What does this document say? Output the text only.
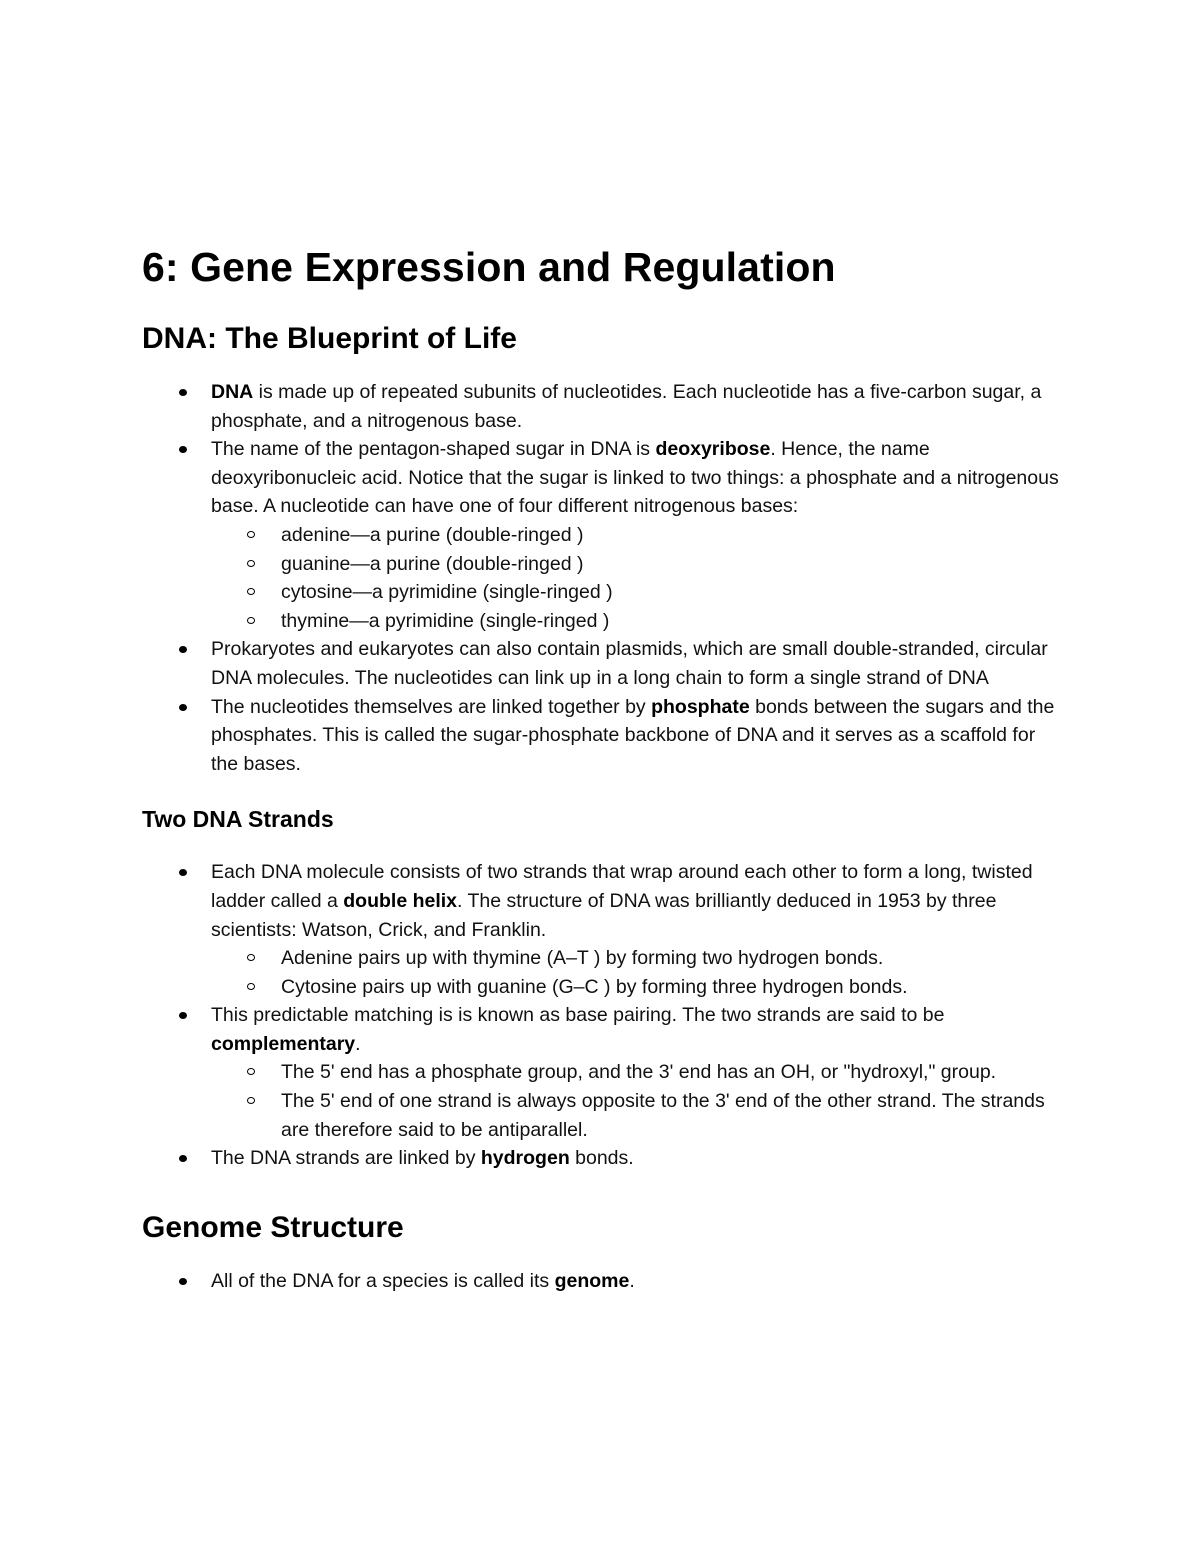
6: Gene Expression and Regulation
DNA: The Blueprint of Life
DNA is made up of repeated subunits of nucleotides. Each nucleotide has a five-carbon sugar, a phosphate, and a nitrogenous base.
The name of the pentagon-shaped sugar in DNA is deoxyribose. Hence, the name deoxyribonucleic acid. Notice that the sugar is linked to two things: a phosphate and a nitrogenous base. A nucleotide can have one of four different nitrogenous bases:
adenine—a purine (double-ringed )
guanine—a purine (double-ringed )
cytosine—a pyrimidine (single-ringed )
thymine—a pyrimidine (single-ringed )
Prokaryotes and eukaryotes can also contain plasmids, which are small double-stranded, circular DNA molecules. The nucleotides can link up in a long chain to form a single strand of DNA
The nucleotides themselves are linked together by phosphate bonds between the sugars and the phosphates. This is called the sugar-phosphate backbone of DNA and it serves as a scaffold for the bases.
Two DNA Strands
Each DNA molecule consists of two strands that wrap around each other to form a long, twisted ladder called a double helix. The structure of DNA was brilliantly deduced in 1953 by three scientists: Watson, Crick, and Franklin.
Adenine pairs up with thymine (A–T ) by forming two hydrogen bonds.
Cytosine pairs up with guanine (G–C ) by forming three hydrogen bonds.
This predictable matching is is known as base pairing. The two strands are said to be complementary.
The 5' end has a phosphate group, and the 3' end has an OH, or "hydroxyl," group.
The 5' end of one strand is always opposite to the 3' end of the other strand. The strands are therefore said to be antiparallel.
The DNA strands are linked by hydrogen bonds.
Genome Structure
All of the DNA for a species is called its genome.
